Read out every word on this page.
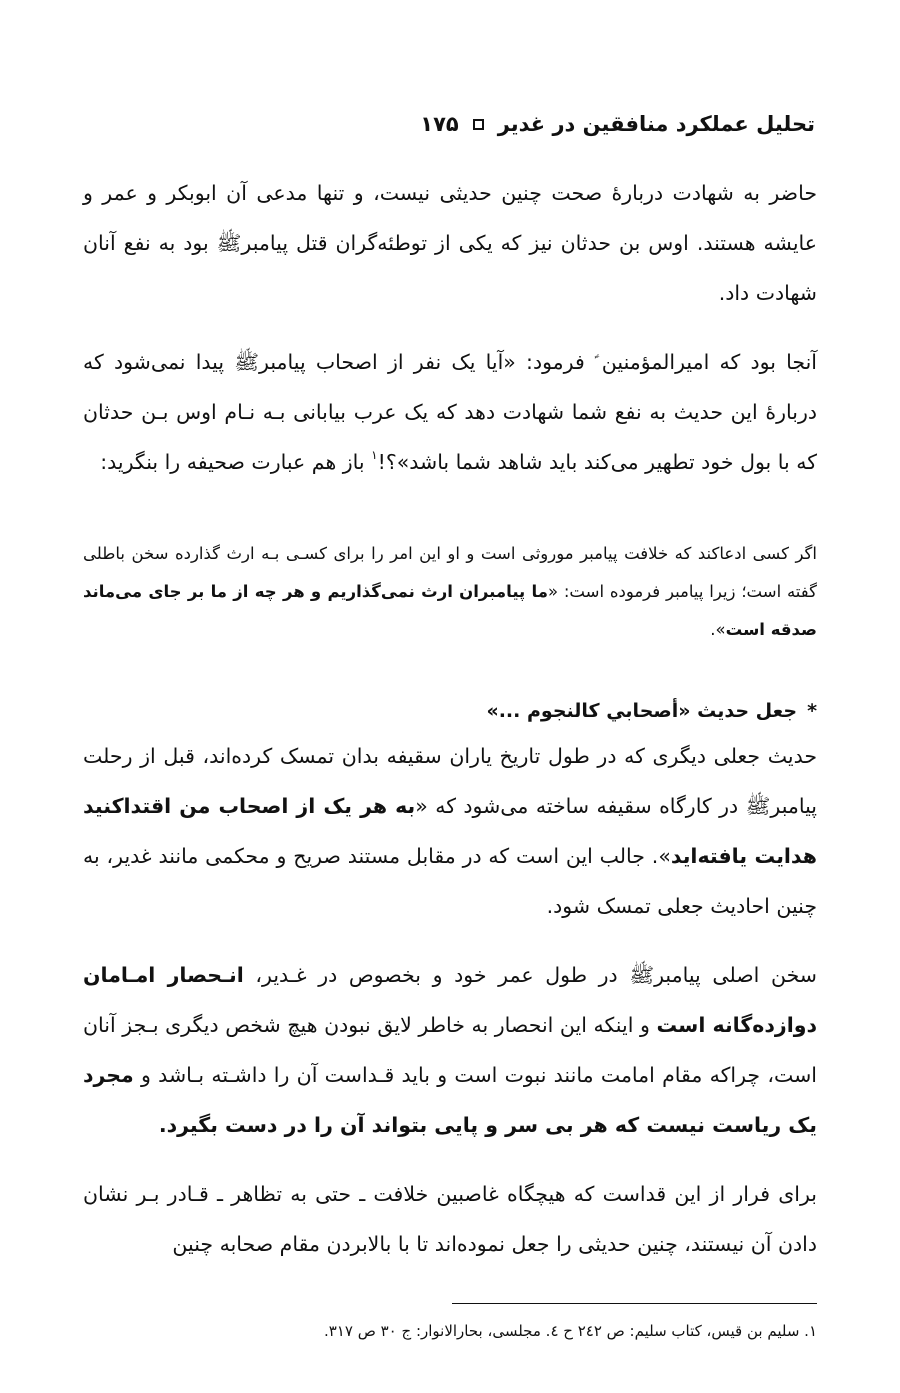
تحلیل عملکرد منافقین در غدیر
۱۷۵

حاضر به شهادت دربارهٔ صحت چنین حدیثی نیست، و تنها مدعی آن ابوبکر و عمر و عایشه هستند. اوس بن حدثان نیز که یکی از توطئه‌گران قتل پیامبرﷺ بود به نفع آنان شهادت داد.

آنجا بود که امیرالمؤمنین ؑ فرمود: «آیا یک نفر از اصحاب پیامبرﷺ پیدا نمی‌شود که دربارهٔ این حدیث به نفع شما شهادت دهد که یک عرب بیابانی بـه نـام اوس بـن حدثان که با بول خود تطهیر می‌کند باید شاهد شما باشد»؟!$^۱$ باز هم عبارت صحیفه را بنگرید:

اگر کسی ادعاکند که خلافت پیامبر موروثی است و او این امر را برای کسـی بـه ارث گذارده سخن باطلی گفته است؛ زیرا پیامبر فرموده است: «ما پیامبران ارث نمی‌گذاریم و هر چه از ما بر جای می‌ماند صدقه است».

*جعل حدیث «أصحابي کالنجوم ...»

حدیث جعلی دیگری که در طول تاریخ یاران سقیفه بدان تمسک کرده‌اند، قبل از رحلت پیامبرﷺ در کارگاه سقیفه ساخته می‌شود که «به هر یک از اصحاب من اقتداکنید هدایت یافته‌اید». جالب این است که در مقابل مستند صریح و محکمی مانند غدیر، به چنین احادیث جعلی تمسک شود.

سخن اصلی پیامبرﷺ در طول عمر خود و بخصوص در غـدیر، انـحصار امـامان دوازده‌گانه است و اینکه این انحصار به خاطر لایق نبودن هیچ شخص دیگری بـجز آنان است، چراکه مقام امامت مانند نبوت است و باید قـداست آن را داشـته بـاشد و مجرد یک ریاست نیست که هر بی سر و پایی بتواند آن را در دست بگیرد.

برای فرار از این قداست که هیچگاه غاصبین خلافت ـ حتی به تظاهر ـ قـادر بـر نشان دادن آن نیستند، چنین حدیثی را جعل نموده‌اند تا با بالابردن مقام صحابه چنین

۱. سلیم بن قیس، کتاب سلیم: ص ۲٤۲ ح ٤. مجلسی، بحارالانوار: ج ۳۰ ص ۳۱۷.
